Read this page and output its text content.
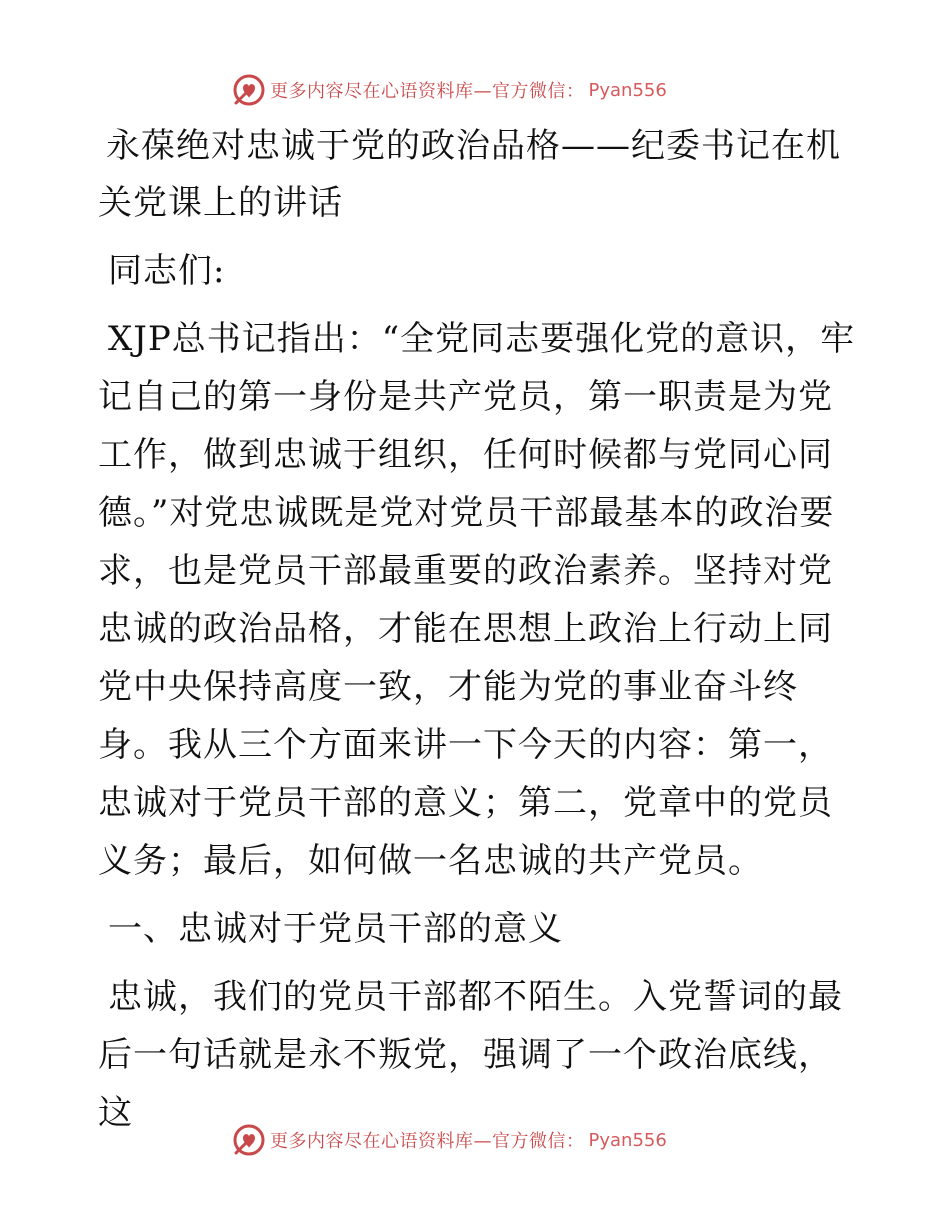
更多内容尽在心语资料库—官方微信： Pyan556
永葆绝对忠诚于党的政治品格——纪委书记在机关党课上的讲话

同志们:

XJP总书记指出：“全党同志要强化党的意识，牢记自己的第一身份是共产党员，第一职责是为党工作，做到忠诚于组织，任何时候都与党同心同德。”对党忠诚既是党对党员干部最基本的政治要求，也是党员干部最重要的政治素养。坚持对党忠诚的政治品格，才能在思想上政治上行动上同党中央保持高度一致，才能为党的事业奋斗终身。我从三个方面来讲一下今天的内容：第一，忠诚对于党员干部的意义；第二，党章中的党员义务；最后，如何做一名忠诚的共产党员。

一、忠诚对于党员干部的意义

忠诚，我们的党员干部都不陌生。入党誓词的最后一句话就是永不叛党，强调了一个政治底线，这

更多内容尽在心语资料库—官方微信： Pyan556
